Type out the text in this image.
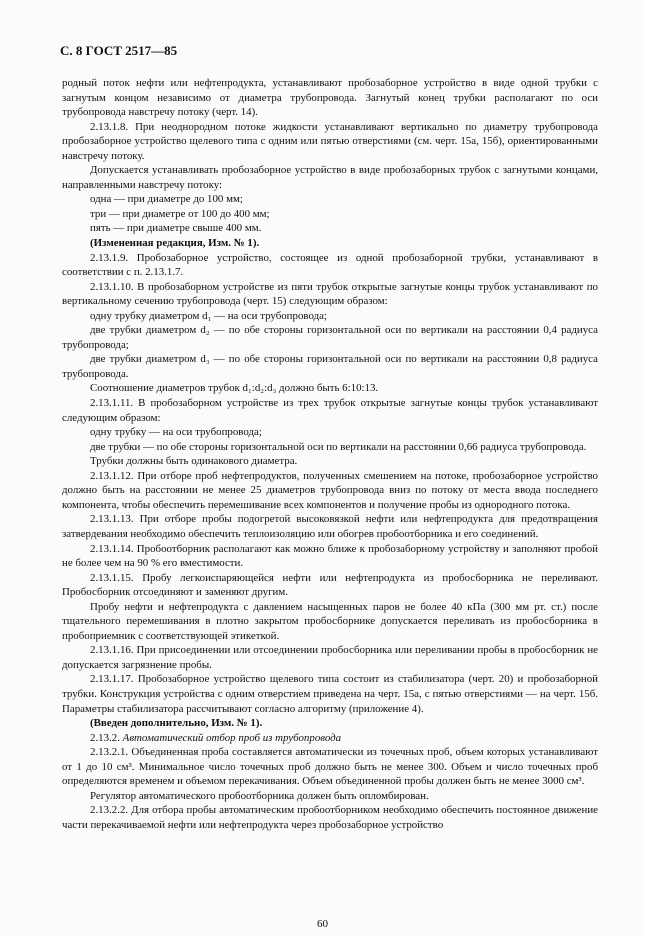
С. 8 ГОСТ 2517—85

родный поток нефти или нефтепродукта, устанавливают пробозаборное устройство в виде одной трубки с загнутым концом независимо от диаметра трубопровода. Загнутый конец трубки располагают по оси трубопровода навстречу потоку (черт. 14).

2.13.1.8. При неоднородном потоке жидкости устанавливают вертикально по диаметру трубопровода пробозаборное устройство щелевого типа с одним или пятью отверстиями (см. черт. 15а, 15б), ориентированными навстречу потоку.

Допускается устанавливать пробозаборное устройство в виде пробозаборных трубок с загнутыми концами, направленными навстречу потоку:

одна — при диаметре до 100 мм;

три — при диаметре от 100 до 400 мм;

пять — при диаметре свыше 400 мм.

(Измененная редакция, Изм. № 1).

2.13.1.9. Пробозаборное устройство, состоящее из одной пробозаборной трубки, устанавливают в соответствии с п. 2.13.1.7.

2.13.1.10. В пробозаборном устройстве из пяти трубок открытые загнутые концы трубок устанавливают по вертикальному сечению трубопровода (черт. 15) следующим образом:

одну трубку диаметром d₁ — на оси трубопровода;

две трубки диаметром d₂ — по обе стороны горизонтальной оси по вертикали на расстоянии 0,4 радиуса трубопровода;

две трубки диаметром d₃ — по обе стороны горизонтальной оси по вертикали на расстоянии 0,8 радиуса трубопровода.

Соотношение диаметров трубок d₁:d₂:d₃ должно быть 6:10:13.

2.13.1.11. В пробозаборном устройстве из трех трубок открытые загнутые концы трубок устанавливают следующим образом:

одну трубку — на оси трубопровода;

две трубки — по обе стороны горизонтальной оси по вертикали на расстоянии 0,66 радиуса трубопровода.

Трубки должны быть одинакового диаметра.

2.13.1.12. При отборе проб нефтепродуктов, полученных смешением на потоке, пробозаборное устройство должно быть на расстоянии не менее 25 диаметров трубопровода вниз по потоку от места ввода последнего компонента, чтобы обеспечить перемешивание всех компонентов и получение пробы из однородного потока.

2.13.1.13. При отборе пробы подогретой высоковязкой нефти или нефтепродукта для предотвращения затвердевания необходимо обеспечить теплоизоляцию или обогрев пробоотборника и его соединений.

2.13.1.14. Пробоотборник располагают как можно ближе к пробозаборному устройству и заполняют пробой не более чем на 90 % его вместимости.

2.13.1.15. Пробу легкоиспаряющейся нефти или нефтепродукта из пробосборника не переливают. Пробосборник отсоединяют и заменяют другим.

Пробу нефти и нефтепродукта с давлением насыщенных паров не более 40 кПа (300 мм рт. ст.) после тщательного перемешивания в плотно закрытом пробосборнике допускается переливать из пробосборника в пробоприемник с соответствующей этикеткой.

2.13.1.16. При присоединении или отсоединении пробосборника или переливании пробы в пробосборник не допускается загрязнение пробы.

2.13.1.17. Пробозаборное устройство щелевого типа состоит из стабилизатора (черт. 20) и пробозаборной трубки. Конструкция устройства с одним отверстием приведена на черт. 15а, с пятью отверстиями — на черт. 15б. Параметры стабилизатора рассчитывают согласно алгоритму (приложение 4).

(Введен дополнительно, Изм. № 1).

2.13.2. Автоматический отбор проб из трубопровода

2.13.2.1. Объединенная проба составляется автоматически из точечных проб, объем которых устанавливают от 1 до 10 см³. Минимальное число точечных проб должно быть не менее 300. Объем и число точечных проб определяются временем и объемом перекачивания. Объем объединенной пробы должен быть не менее 3000 см³.

Регулятор автоматического пробоотборника должен быть опломбирован.

2.13.2.2. Для отбора пробы автоматическим пробоотборником необходимо обеспечить постоянное движение части перекачиваемой нефти или нефтепродукта через пробозаборное устройство

60
